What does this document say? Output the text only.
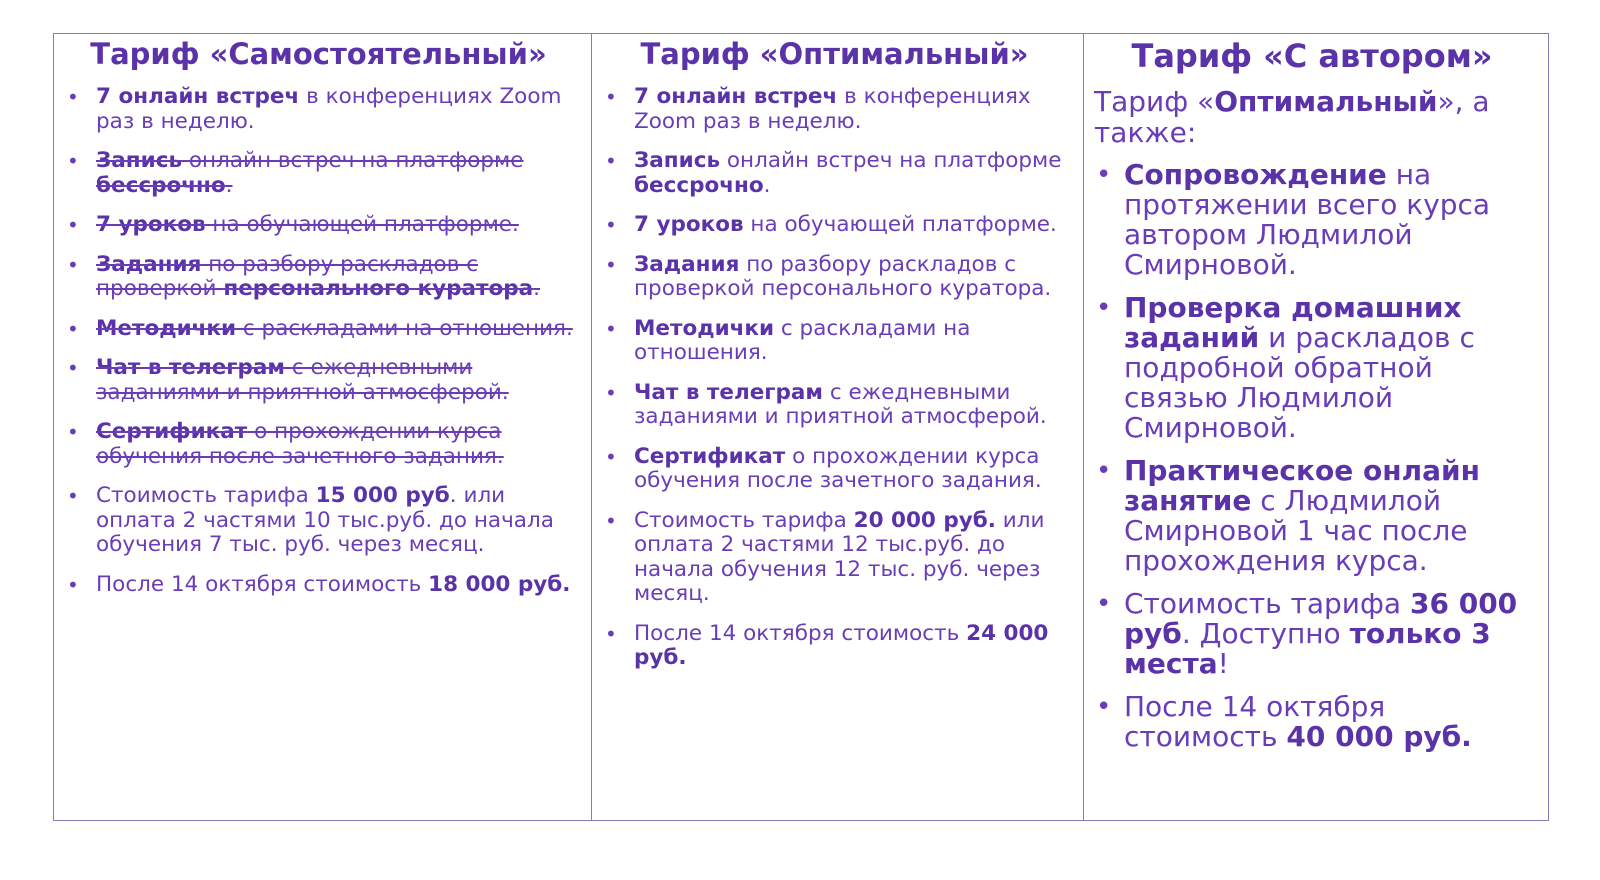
Тариф «Самостоятельный»
• 7 онлайн встреч в конференциях Zoom раз в неделю.
• Запись онлайн встреч на платформе бессрочно.
• 7 уроков на обучающей платформе.
• Задания по разбору раскладов с проверкой персонального куратора.
• Методички с раскладами на отношения.
• Чат в телеграм с ежедневными заданиями и приятной атмосферой.
• Сертификат о прохождении курса обучения после зачетного задания.
• Стоимость тарифа 15 000 руб. или оплата 2 частями 10 тыс.руб. до начала обучения 7 тыс. руб. через месяц.
• После 14 октября стоимость 18 000 руб.
Тариф «Оптимальный»
• 7 онлайн встреч в конференциях Zoom раз в неделю.
• Запись онлайн встреч на платформе бессрочно.
• 7 уроков на обучающей платформе.
• Задания по разбору раскладов с проверкой персонального куратора.
• Методички с раскладами на отношения.
• Чат в телеграм с ежедневными заданиями и приятной атмосферой.
• Сертификат о прохождении курса обучения после зачетного задания.
• Стоимость тарифа 20 000 руб. или оплата 2 частями 12 тыс.руб. до начала обучения 12 тыс. руб. через месяц.
• После 14 октября стоимость 24 000 руб.
Тариф «С автором»
Тариф «Оптимальный», а также:
• Сопровождение на протяжении всего курса автором Людмилой Смирновой.
• Проверка домашних заданий и раскладов с подробной обратной связью Людмилой Смирновой.
• Практическое онлайн занятие с Людмилой Смирновой 1 час после прохождения курса.
• Стоимость тарифа 36 000 руб. Доступно только 3 места!
• После 14 октября стоимость 40 000 руб.
